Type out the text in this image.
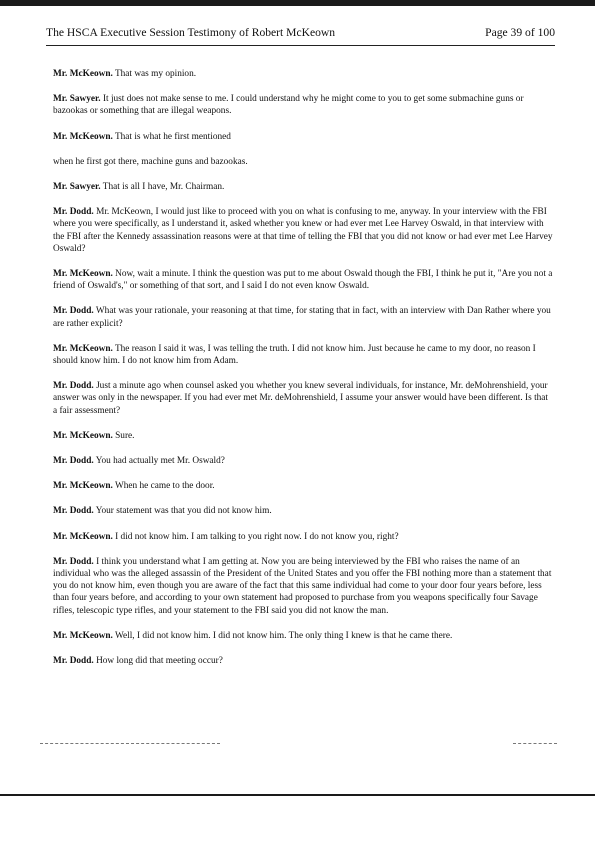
The HSCA Executive Session Testimony of Robert McKeown	Page 39 of 100

Mr. McKeown. That was my opinion.

Mr. Sawyer. It just does not make sense to me. I could understand why he might come to you to get some submachine guns or bazookas or something that are illegal weapons.

Mr. McKeown. That is what he first mentioned

when he first got there, machine guns and bazookas.

Mr. Sawyer. That is all I have, Mr. Chairman.

Mr. Dodd. Mr. McKeown, I would just like to proceed with you on what is confusing to me, anyway. In your interview with the FBI where you were specifically, as I understand it, asked whether you knew or had ever met Lee Harvey Oswald, in that interview with the FBI after the Kennedy assassination reasons were at that time of telling the FBI that you did not know or had ever met Lee Harvey Oswald?

Mr. McKeown. Now, wait a minute. I think the question was put to me about Oswald though the FBI, I think he put it, "Are you not a friend of Oswald's," or something of that sort, and I said I do not even know Oswald.

Mr. Dodd. What was your rationale, your reasoning at that time, for stating that in fact, with an interview with Dan Rather where you are rather explicit?

Mr. McKeown. The reason I said it was, I was telling the truth. I did not know him. Just because he came to my door, no reason I should know him. I do not know him from Adam.

Mr. Dodd. Just a minute ago when counsel asked you whether you knew several individuals, for instance, Mr. deMohrenshield, your answer was only in the newspaper. If you had ever met Mr. deMohrenshield, I assume your answer would have been different. Is that a fair assessment?

Mr. McKeown. Sure.

Mr. Dodd. You had actually met Mr. Oswald?

Mr. McKeown. When he came to the door.

Mr. Dodd. Your statement was that you did not know him.

Mr. McKeown. I did not know him. I am talking to you right now. I do not know you, right?

Mr. Dodd. I think you understand what I am getting at. Now you are being interviewed by the FBI who raises the name of an individual who was the alleged assassin of the President of the United States and you offer the FBI nothing more than a statement that you do not know him, even though you are aware of the fact that this same individual had come to your door four years before, less than four years before, and according to your own statement had proposed to purchase from you weapons specifically four Savage rifles, telescopic type rifles, and your statement to the FBI said you did not know the man.

Mr. McKeown. Well, I did not know him. I did not know him. The only thing I knew is that he came there.

Mr. Dodd. How long did that meeting occur?
